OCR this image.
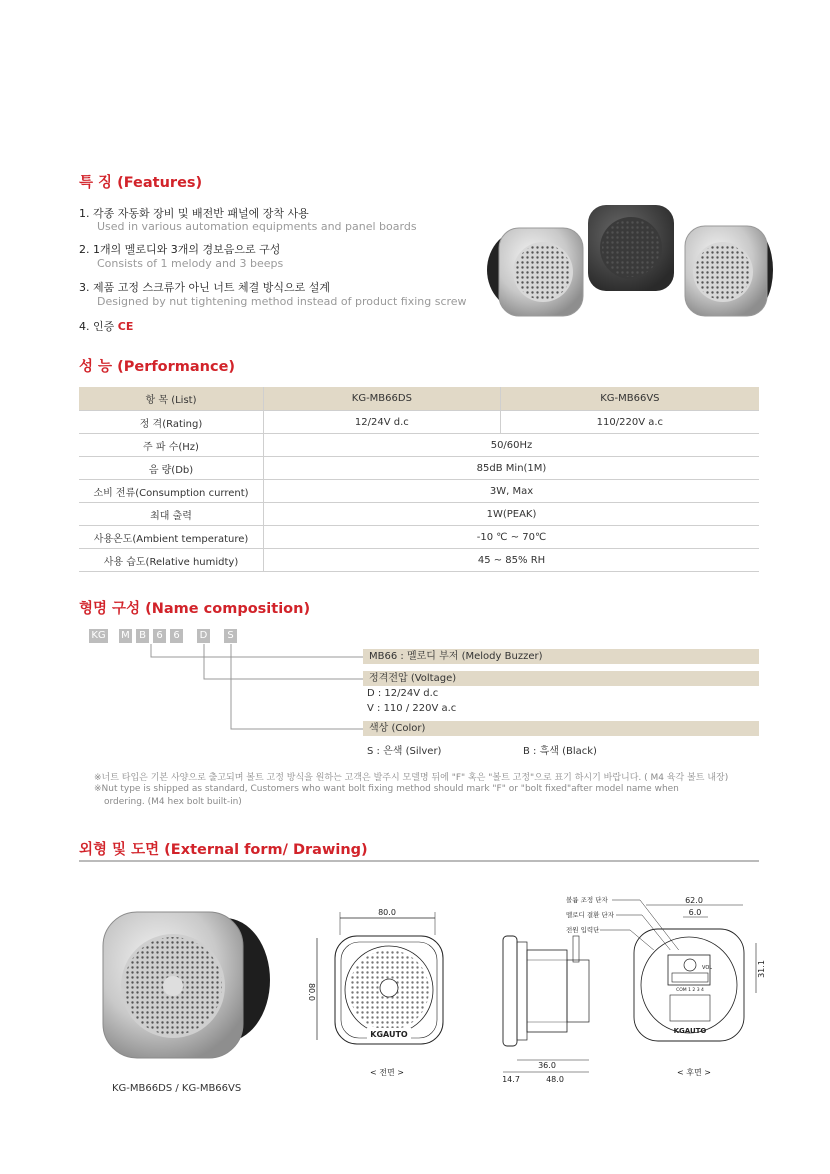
특 징 (Features)
1. 각종 자동화 장비 및 배전반 패널에 장착 사용
Used in various automation equipments and panel boards
2. 1개의 멜로디와 3개의 경보음으로 구성
Consists of 1 melody and 3 beeps
3. 제품 고정 스크류가 아닌 너트 체결 방식으로 설계
Designed by nut tightening method instead of product fixing screw
4. 인증 CE
성 능 (Performance)
항 목 (List)	KG-MB66DS	KG-MB66VS
정 격(Rating)	12/24V d.c	110/220V a.c
주 파 수(Hz)	50/60Hz	
음 량(Db)	85dB Min(1M)	
소비 전류(Consumption current)	3W, Max	
최대 출력	1W(PEAK)	
사용온도(Ambient temperature)	-10 ℃ ~ 70℃	
사용 습도(Relative humidty)	45 ~ 85% RH	
형명 구성 (Name composition)
KG M B	6	6	D	S
MB66 : 멜로디 부저 (Melody Buzzer)
정격전압 (Voltage)
D : 12/24V d.c
V : 110 / 220V a.c
색상 (Color)
S : 은색 (Silver)	B : 흑색 (Black)
※너트 타입은 기본 사양으로 출고되며 볼트 고정 방식을 원하는 고객은 발주시 모델명 뒤에 "F" 혹은 "볼트 고정"으로 표기 하시기 바랍니다. ( M4 육각 볼트 내장)
※Nut type is shipped as standard, Customers who want bolt fixing method should mark "F" or "bolt fixed"after model name when
ordering. (M4 hex bolt built-in)
외형 및 도면 (External form/ Drawing)
KG-MB66DS / KG-MB66VS
80.0
80.0
KGAUTO
< 전면 >
36.0
14.7	48.0
볼륨 조정 단자
멜로디 결환 단자
전원 입력단
62.0
6.0
31.1
VOL
COM 1 2 3 4
KGAUTO
< 후면 >
